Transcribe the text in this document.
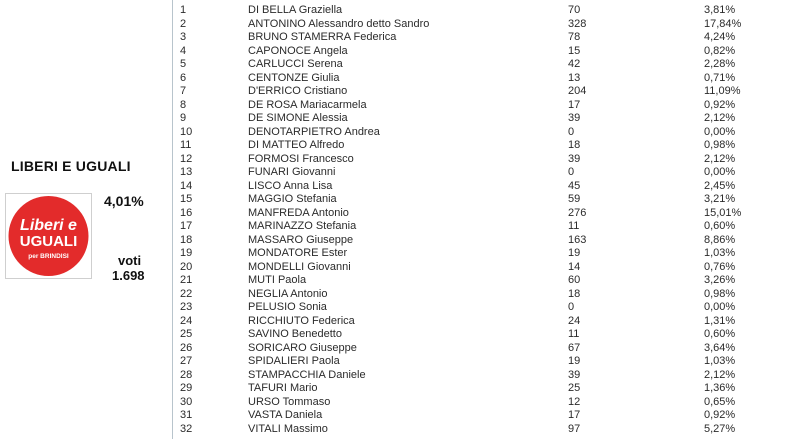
LIBERI E UGUALI
Liberi e
UGUALI
per BRINDISI
4,01%
voti
1.698
1	DI BELLA Graziella	70	3,81%
2	ANTONINO Alessandro detto Sandro	328	17,84%
3	BRUNO STAMERRA Federica	78	4,24%
4	CAPONOCE Angela	15	0,82%
5	CARLUCCI Serena	42	2,28%
6	CENTONZE Giulia	13	0,71%
7	D'ERRICO Cristiano	204	11,09%
8	DE ROSA Mariacarmela	17	0,92%
9	DE SIMONE Alessia	39	2,12%
10	DENOTARPIETRO Andrea	0	0,00%
11	DI MATTEO Alfredo	18	0,98%
12	FORMOSI Francesco	39	2,12%
13	FUNARI Giovanni	0	0,00%
14	LISCO Anna Lisa	45	2,45%
15	MAGGIO Stefania	59	3,21%
16	MANFREDA Antonio	276	15,01%
17	MARINAZZO Stefania	11	0,60%
18	MASSARO Giuseppe	163	8,86%
19	MONDATORE Ester	19	1,03%
20	MONDELLI Giovanni	14	0,76%
21	MUTI Paola	60	3,26%
22	NEGLIA Antonio	18	0,98%
23	PELUSIO Sonia	0	0,00%
24	RICCHIUTO Federica	24	1,31%
25	SAVINO Benedetto	11	0,60%
26	SORICARO Giuseppe	67	3,64%
27	SPIDALIERI Paola	19	1,03%
28	STAMPACCHIA Daniele	39	2,12%
29	TAFURI Mario	25	1,36%
30	URSO Tommaso	12	0,65%
31	VASTA Daniela	17	0,92%
32	VITALI Massimo	97	5,27%
